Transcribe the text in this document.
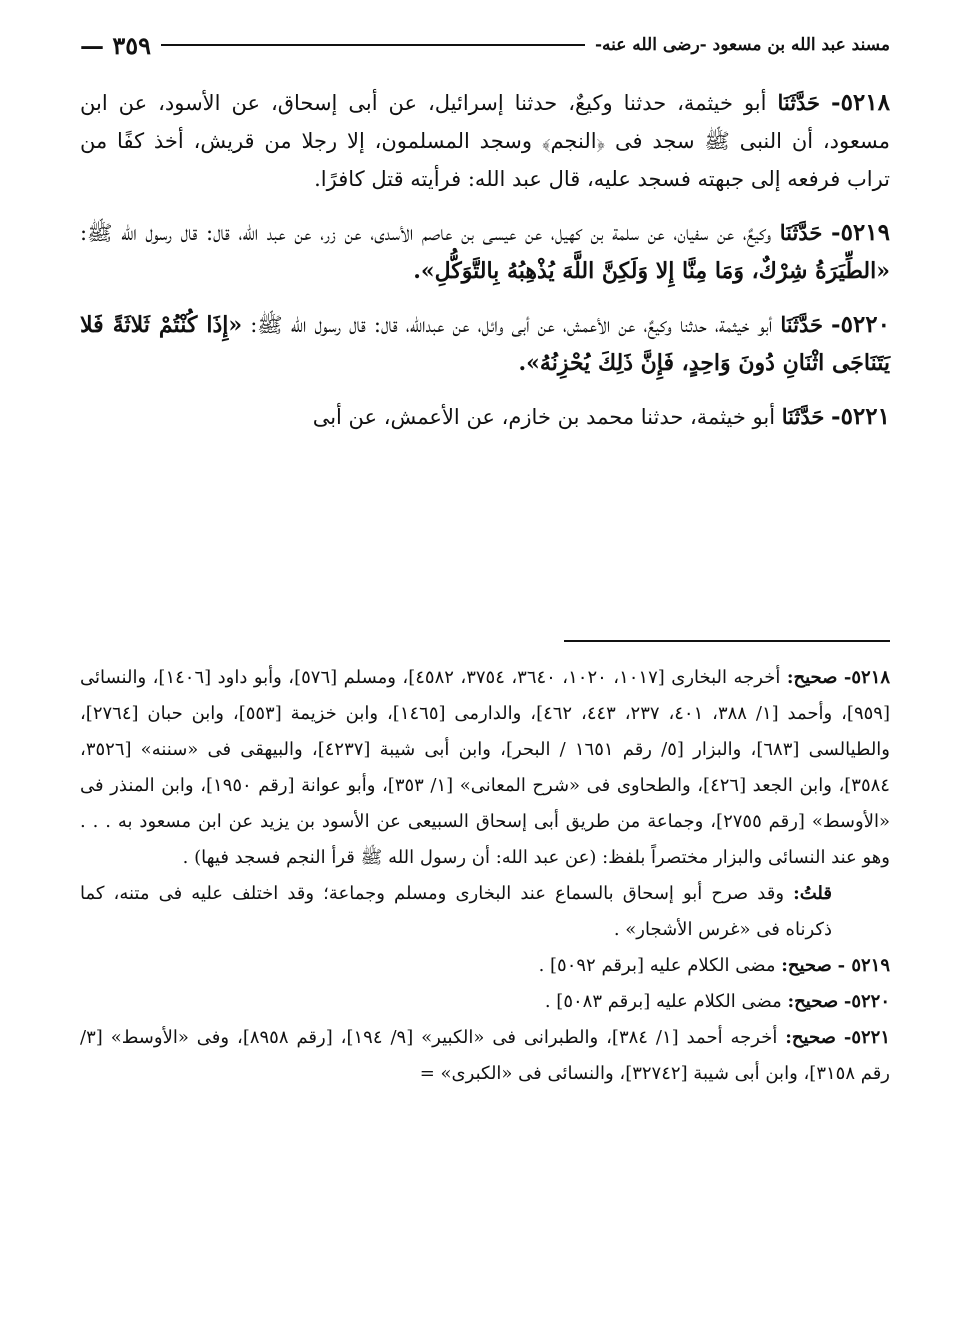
مسند عبد الله بن مسعود -رضى الله عنه-
٣٥٩ —

٥٢١٨- حَدَّثَنَا أبو خيثمة، حدثنا وكيعٌ، حدثنا إسرائيل، عن أبى إسحاق، عن الأسود، عن ابن مسعود، أن النبى ﷺ سجد فى ﴿النجم﴾ وسجد المسلمون، إلا رجلا من قريش، أخذ كفًا من تراب فرفعه إلى جبهته فسجد عليه، قال عبد الله: فرأيته قتل كافرًا.

٥٢١٩- حَدَّثَنَا وكيعٌ، عن سفيان، عن سلمة بن كهيل، عن عيسى بن عاصم الأسدى، عن زر، عن عبد الله، قال: قال رسول الله ﷺ: «الطِّيَرَةُ شِرْكٌ، وَمَا مِنَّا إِلا وَلَكِنَّ اللَّهَ يُذْهِبُهُ بِالتَّوَكُّلِ».

٥٢٢٠- حَدَّثَنَا أبو خيثمة، حدثنا وكيعٌ، عن الأعمش، عن أبى وائل، عن عبدالله، قال: قال رسول الله ﷺ: «إِذَا كُنْتُمْ ثَلاثَةً فَلا يَتَنَاجَى اثْنَانِ دُونَ وَاحِدٍ، فَإِنَّ ذَلِكَ يُحْزِنُهُ».

٥٢٢١- حَدَّثَنَا أبو خيثمة، حدثنا محمد بن خازم، عن الأعمش، عن أبى

٥٢١٨- صحيح: أخرجه البخارى [١٠١٧، ١٠٢٠، ٣٦٤٠، ٣٧٥٤، ٤٥٨٢]، ومسلم [٥٧٦]، وأبو داود [١٤٠٦]، والنسائى [٩٥٩]، وأحمد [١/ ٣٨٨، ٤٠١، ٢٣٧، ٤٤٣، ٤٦٢]، والدارمى [١٤٦٥]، وابن خزيمة [٥٥٣]، وابن حبان [٢٧٦٤]، والطيالسى [٦٨٣]، والبزار [٥/ رقم ١٦٥١ / البحر]، وابن أبى شيبة [٤٢٣٧]، والبيهقى فى «سننه» [٣٥٢٦، ٣٥٨٤]، وابن الجعد [٤٢٦]، والطحاوى فى «شرح المعانى» [١/ ٣٥٣]، وأبو عوانة [رقم ١٩٥٠]، وابن المنذر فى «الأوسط» [رقم ٢٧٥٥]، وجماعة من طريق أبى إسحاق السبيعى عن الأسود بن يزيد عن ابن مسعود به . . . وهو عند النسائى والبزار مختصراً بلفظ: (عن عبد الله: أن رسول الله ﷺ قرأ النجم فسجد فيها) .

قلتُ: وقد صرح أبو إسحاق بالسماع عند البخارى ومسلم وجماعة؛ وقد اختلف عليه فى متنه، كما ذكرناه فى «غرس الأشجار» .

٥٢١٩ - صحيح: مضى الكلام عليه [برقم ٥٠٩٢] .

٥٢٢٠- صحيح: مضى الكلام عليه [برقم ٥٠٨٣] .

٥٢٢١- صحيح: أخرجه أحمد [١/ ٣٨٤]، والطبرانى فى «الكبير» [٩/ ١٩٤]، [رقم ٨٩٥٨]، وفى «الأوسط» [٣/ رقم ٣١٥٨]، وابن أبى شيبة [٣٢٧٤٢]، والنسائى فى «الكبرى» =
